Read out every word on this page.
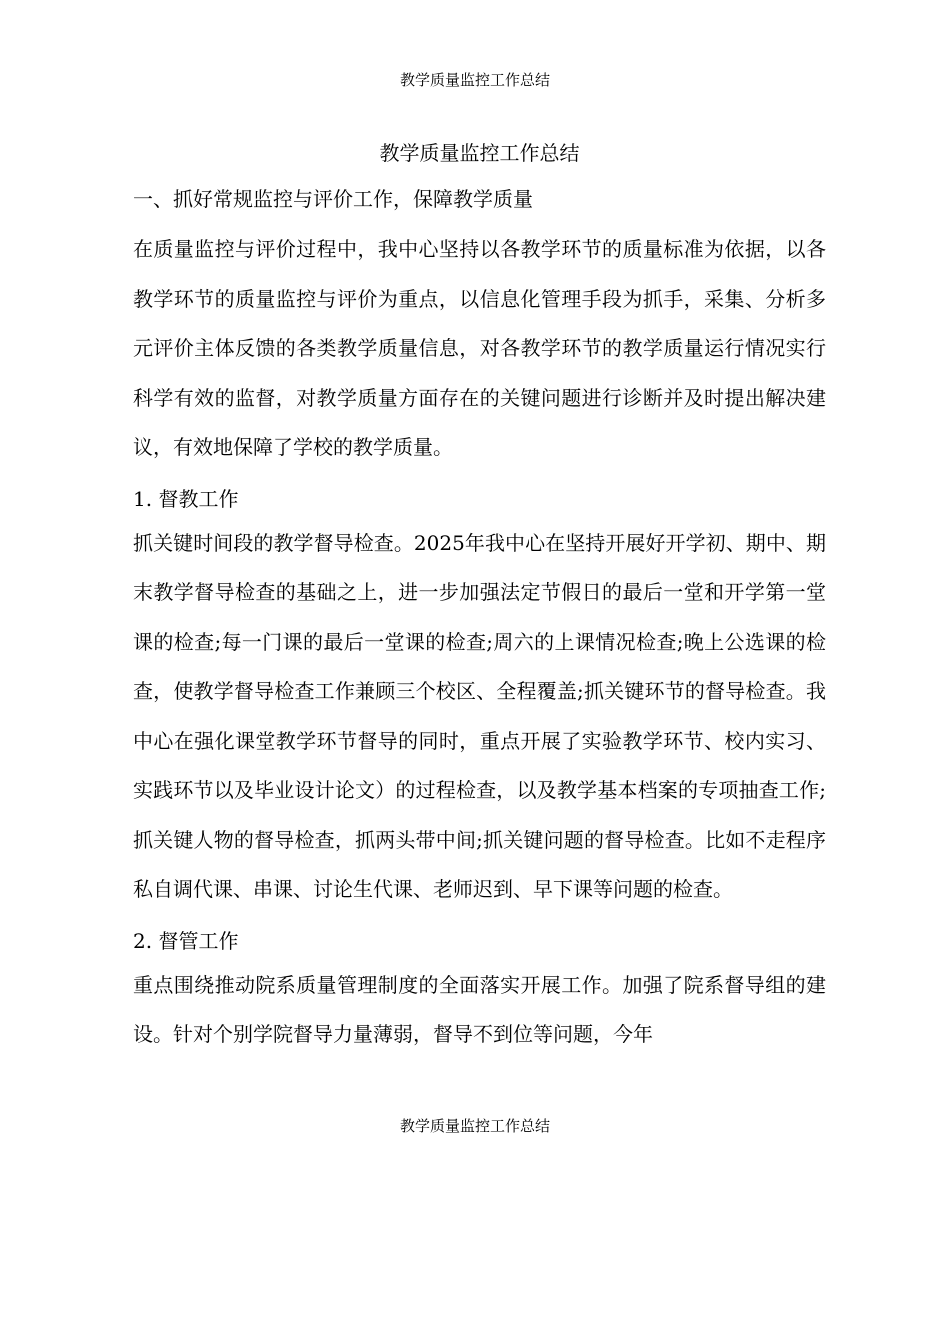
教学质量监控工作总结
教学质量监控工作总结
一、抓好常规监控与评价工作，保障教学质量

在质量监控与评价过程中，我中心坚持以各教学环节的质量标准为依据，以各教学环节的质量监控与评价为重点，以信息化管理手段为抓手，采集、分析多元评价主体反馈的各类教学质量信息，对各教学环节的教学质量运行情况实行科学有效的监督，对教学质量方面存在的关键问题进行诊断并及时提出解决建议，有效地保障了学校的教学质量。

1. 督教工作

抓关键时间段的教学督导检查。2025年我中心在坚持开展好开学初、期中、期末教学督导检查的基础之上，进一步加强法定节假日的最后一堂和开学第一堂课的检查;每一门课的最后一堂课的检查;周六的上课情况检查;晚上公选课的检查，使教学督导检查工作兼顾三个校区、全程覆盖;抓关键环节的督导检查。我中心在强化课堂教学环节督导的同时，重点开展了实验教学环节、校内实习、实践环节以及毕业设计论文）的过程检查，以及教学基本档案的专项抽查工作;抓关键人物的督导检查，抓两头带中间;抓关键问题的督导检查。比如不走程序私自调代课、串课、讨论生代课、老师迟到、早下课等问题的检查。

2. 督管工作

重点围绕推动院系质量管理制度的全面落实开展工作。加强了院系督导组的建设。针对个别学院督导力量薄弱，督导不到位等问题，今年

教学质量监控工作总结
